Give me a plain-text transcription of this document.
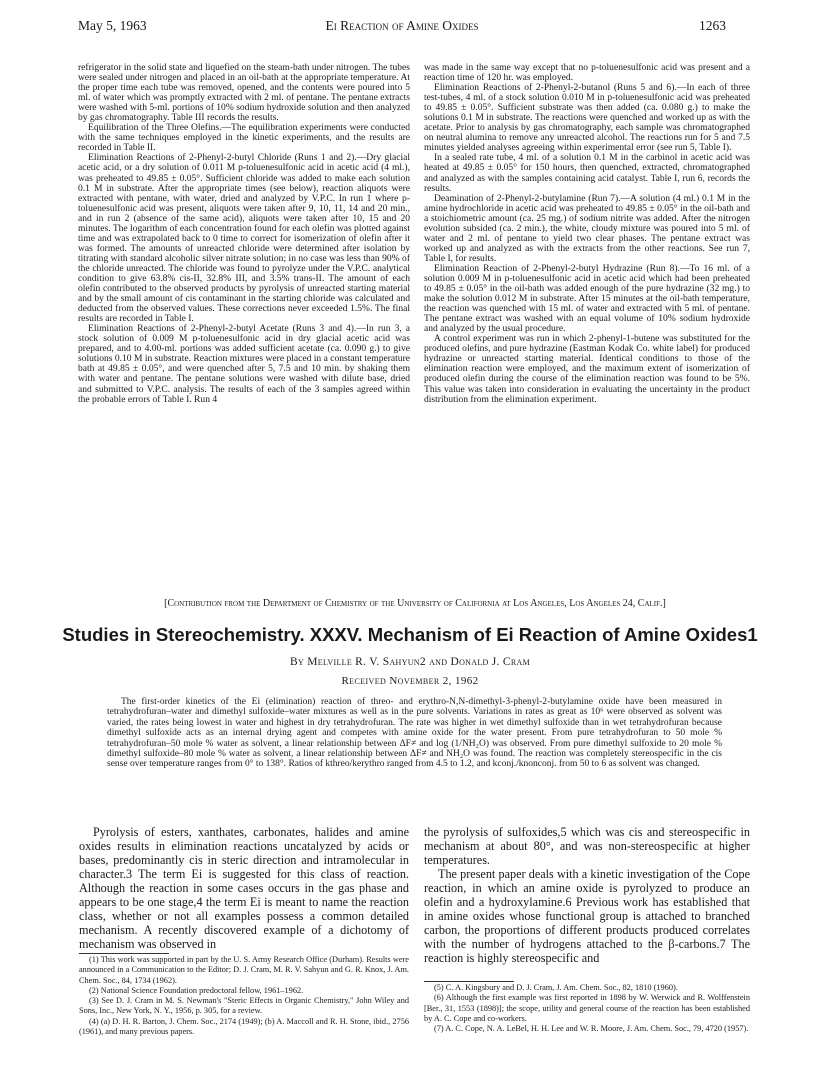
May 5, 1963	Ei Reaction of Amine Oxides	1263

refrigerator in the solid state and liquefied on the steam-bath under nitrogen. The tubes were sealed under nitrogen and placed in an oil-bath at the appropriate temperature. At the proper time each tube was removed, opened, and the contents were poured into 5 ml. of water which was promptly extracted with 2 ml. of pentane. The pentane extracts were washed with 5-ml. portions of 10% sodium hydroxide solution and then analyzed by gas chromatography. Table III records the results.

Equilibration of the Three Olefins.—The equilibration experiments were conducted with the same techniques employed in the kinetic experiments, and the results are recorded in Table II.

Elimination Reactions of 2-Phenyl-2-butyl Chloride (Runs 1 and 2).—Dry glacial acetic acid, or a dry solution of 0.011 M p-toluenesulfonic acid in acetic acid (4 ml.), was preheated to 49.85 ± 0.05°. Sufficient chloride was added to make each solution 0.1 M in substrate. After the appropriate times (see below), reaction aliquots were extracted with pentane, with water, dried and analyzed by V.P.C. In run 1 where p-toluenesulfonic acid was present, aliquots were taken after 9, 10, 11, 14 and 20 min., and in run 2 (absence of the same acid), aliquots were taken after 10, 15 and 20 minutes. The logarithm of each concentration found for each olefin was plotted against time and was extrapolated back to 0 time to correct for isomerization of olefin after it was formed. The amounts of unreacted chloride were determined after isolation by titrating with standard alcoholic silver nitrate solution; in no case was less than 90% of the chloride unreacted. The chloride was found to pyrolyze under the V.P.C. analytical condition to give 63.8% cis-II, 32.8% III, and 3.5% trans-II. The amount of each olefin contributed to the observed products by pyrolysis of unreacted starting material and by the small amount of cis contaminant in the starting chloride was calculated and deducted from the observed values. These corrections never exceeded 1.5%. The final results are recorded in Table I.

Elimination Reactions of 2-Phenyl-2-butyl Acetate (Runs 3 and 4).—In run 3, a stock solution of 0.009 M p-toluenesulfonic acid in dry glacial acetic acid was prepared, and to 4.00-ml. portions was added sufficient acetate (ca. 0.090 g.) to give solutions 0.10 M in substrate. Reaction mixtures were placed in a constant temperature bath at 49.85 ± 0.05°, and were quenched after 5, 7.5 and 10 min. by shaking them with water and pentane. The pentane solutions were washed with dilute base, dried and submitted to V.P.C. analysis. The results of each of the 3 samples agreed within the probable errors of Table I. Run 4

was made in the same way except that no p-toluenesulfonic acid was present and a reaction time of 120 hr. was employed.

Elimination Reactions of 2-Phenyl-2-butanol (Runs 5 and 6).—In each of three test-tubes, 4 ml. of a stock solution 0.010 M in p-toluenesulfonic acid was preheated to 49.85 ± 0.05°. Sufficient substrate was then added (ca. 0.080 g.) to make the solutions 0.1 M in substrate. The reactions were quenched and worked up as with the acetate. Prior to analysis by gas chromatography, each sample was chromatographed on neutral alumina to remove any unreacted alcohol. The reactions run for 5 and 7.5 minutes yielded analyses agreeing within experimental error (see run 5, Table I).

In a sealed rate tube, 4 ml. of a solution 0.1 M in the carbinol in acetic acid was heated at 49.85 ± 0.05° for 150 hours, then quenched, extracted, chromatographed and analyzed as with the samples containing acid catalyst. Table I, run 6, records the results.

Deamination of 2-Phenyl-2-butylamine (Run 7).—A solution (4 ml.) 0.1 M in the amine hydrochloride in acetic acid was preheated to 49.85 ± 0.05° in the oil-bath and a stoichiometric amount (ca. 25 mg.) of sodium nitrite was added. After the nitrogen evolution subsided (ca. 2 min.), the white, cloudy mixture was poured into 5 ml. of water and 2 ml. of pentane to yield two clear phases. The pentane extract was worked up and analyzed as with the extracts from the other reactions. See run 7, Table I, for results.

Elimination Reaction of 2-Phenyl-2-butyl Hydrazine (Run 8).—To 16 ml. of a solution 0.009 M in p-toluenesulfonic acid in acetic acid which had been preheated to 49.85 ± 0.05° in the oil-bath was added enough of the pure hydrazine (32 mg.) to make the solution 0.012 M in substrate. After 15 minutes at the oil-bath temperature, the reaction was quenched with 15 ml. of water and extracted with 5 ml. of pentane. The pentane extract was washed with an equal volume of 10% sodium hydroxide and analyzed by the usual procedure.

A control experiment was run in which 2-phenyl-1-butene was substituted for the produced olefins, and pure hydrazine (Eastman Kodak Co. white label) for produced hydrazine or unreacted starting material. Identical conditions to those of the elimination reaction were employed, and the maximum extent of isomerization of produced olefin during the course of the elimination reaction was found to be 5%. This value was taken into consideration in evaluating the uncertainty in the product distribution from the elimination experiment.

[Contribution from the Department of Chemistry of the University of California at Los Angeles, Los Angeles 24, Calif.]
Studies in Stereochemistry. XXXV. Mechanism of Ei Reaction of Amine Oxides1
By Melville R. V. Sahyun2 and Donald J. Cram
Received November 2, 1962

The first-order kinetics of the Ei (elimination) reaction of threo- and erythro-N,N-dimethyl-3-phenyl-2-butylamine oxide have been measured in tetrahydrofuran–water and dimethyl sulfoxide–water mixtures as well as in the pure solvents. Variations in rates as great as 10⁶ were observed as solvent was varied, the rates being lowest in water and highest in dry tetrahydrofuran. The rate was higher in wet dimethyl sulfoxide than in wet tetrahydrofuran because dimethyl sulfoxide acts as an internal drying agent and competes with amine oxide for the water present. From pure tetrahydrofuran to 50 mole % tetrahydrofuran–50 mole % water as solvent, a linear relationship between ΔF≠ and log (1/NH₂O) was observed. From pure dimethyl sulfoxide to 20 mole % dimethyl sulfoxide–80 mole % water as solvent, a linear relationship between ΔF≠ and NH₂O was found. The reaction was completely stereospecific in the cis sense over temperature ranges from 0° to 138°. Ratios of kthreo/kerythro ranged from 4.5 to 1.2, and kconj./knonconj. from 50 to 6 as solvent was changed.

Pyrolysis of esters, xanthates, carbonates, halides and amine oxides results in elimination reactions uncatalyzed by acids or bases, predominantly cis in steric direction and intramolecular in character.3 The term Ei is suggested for this class of reaction. Although the reaction in some cases occurs in the gas phase and appears to be one stage,4 the term Ei is meant to name the reaction class, whether or not all examples possess a common detailed mechanism. A recently discovered example of a dichotomy of mechanism was observed in

the pyrolysis of sulfoxides,5 which was cis and stereospecific in mechanism at about 80°, and was non-stereospecific at higher temperatures.

The present paper deals with a kinetic investigation of the Cope reaction, in which an amine oxide is pyrolyzed to produce an olefin and a hydroxylamine.6 Previous work has established that in amine oxides whose functional group is attached to branched carbon, the proportions of different products produced correlates with the number of hydrogens attached to the β-carbons.7 The reaction is highly stereospecific and

(1) This work was supported in part by the U. S. Army Research Office (Durham). Results were announced in a Communication to the Editor; D. J. Cram, M. R. V. Sahyun and G. R. Knox, J. Am. Chem. Soc., 84, 1734 (1962).

(2) National Science Foundation predoctoral fellow, 1961–1962.

(3) See D. J. Cram in M. S. Newman's "Steric Effects in Organic Chemistry," John Wiley and Sons, Inc., New York, N. Y., 1956, p. 305, for a review.

(4) (a) D. H. R. Barton, J. Chem. Soc., 2174 (1949); (b) A. Maccoll and R. H. Stone, ibid., 2756 (1961), and many previous papers.

(5) C. A. Kingsbury and D. J. Cram, J. Am. Chem. Soc., 82, 1810 (1960).

(6) Although the first example was first reported in 1898 by W. Werwick and R. Wolffenstein [Ber., 31, 1553 (1898)]; the scope, utility and general course of the reaction has been established by A. C. Cope and co-workers.

(7) A. C. Cope, N. A. LeBel, H. H. Lee and W. R. Moore, J. Am. Chem. Soc., 79, 4720 (1957).
